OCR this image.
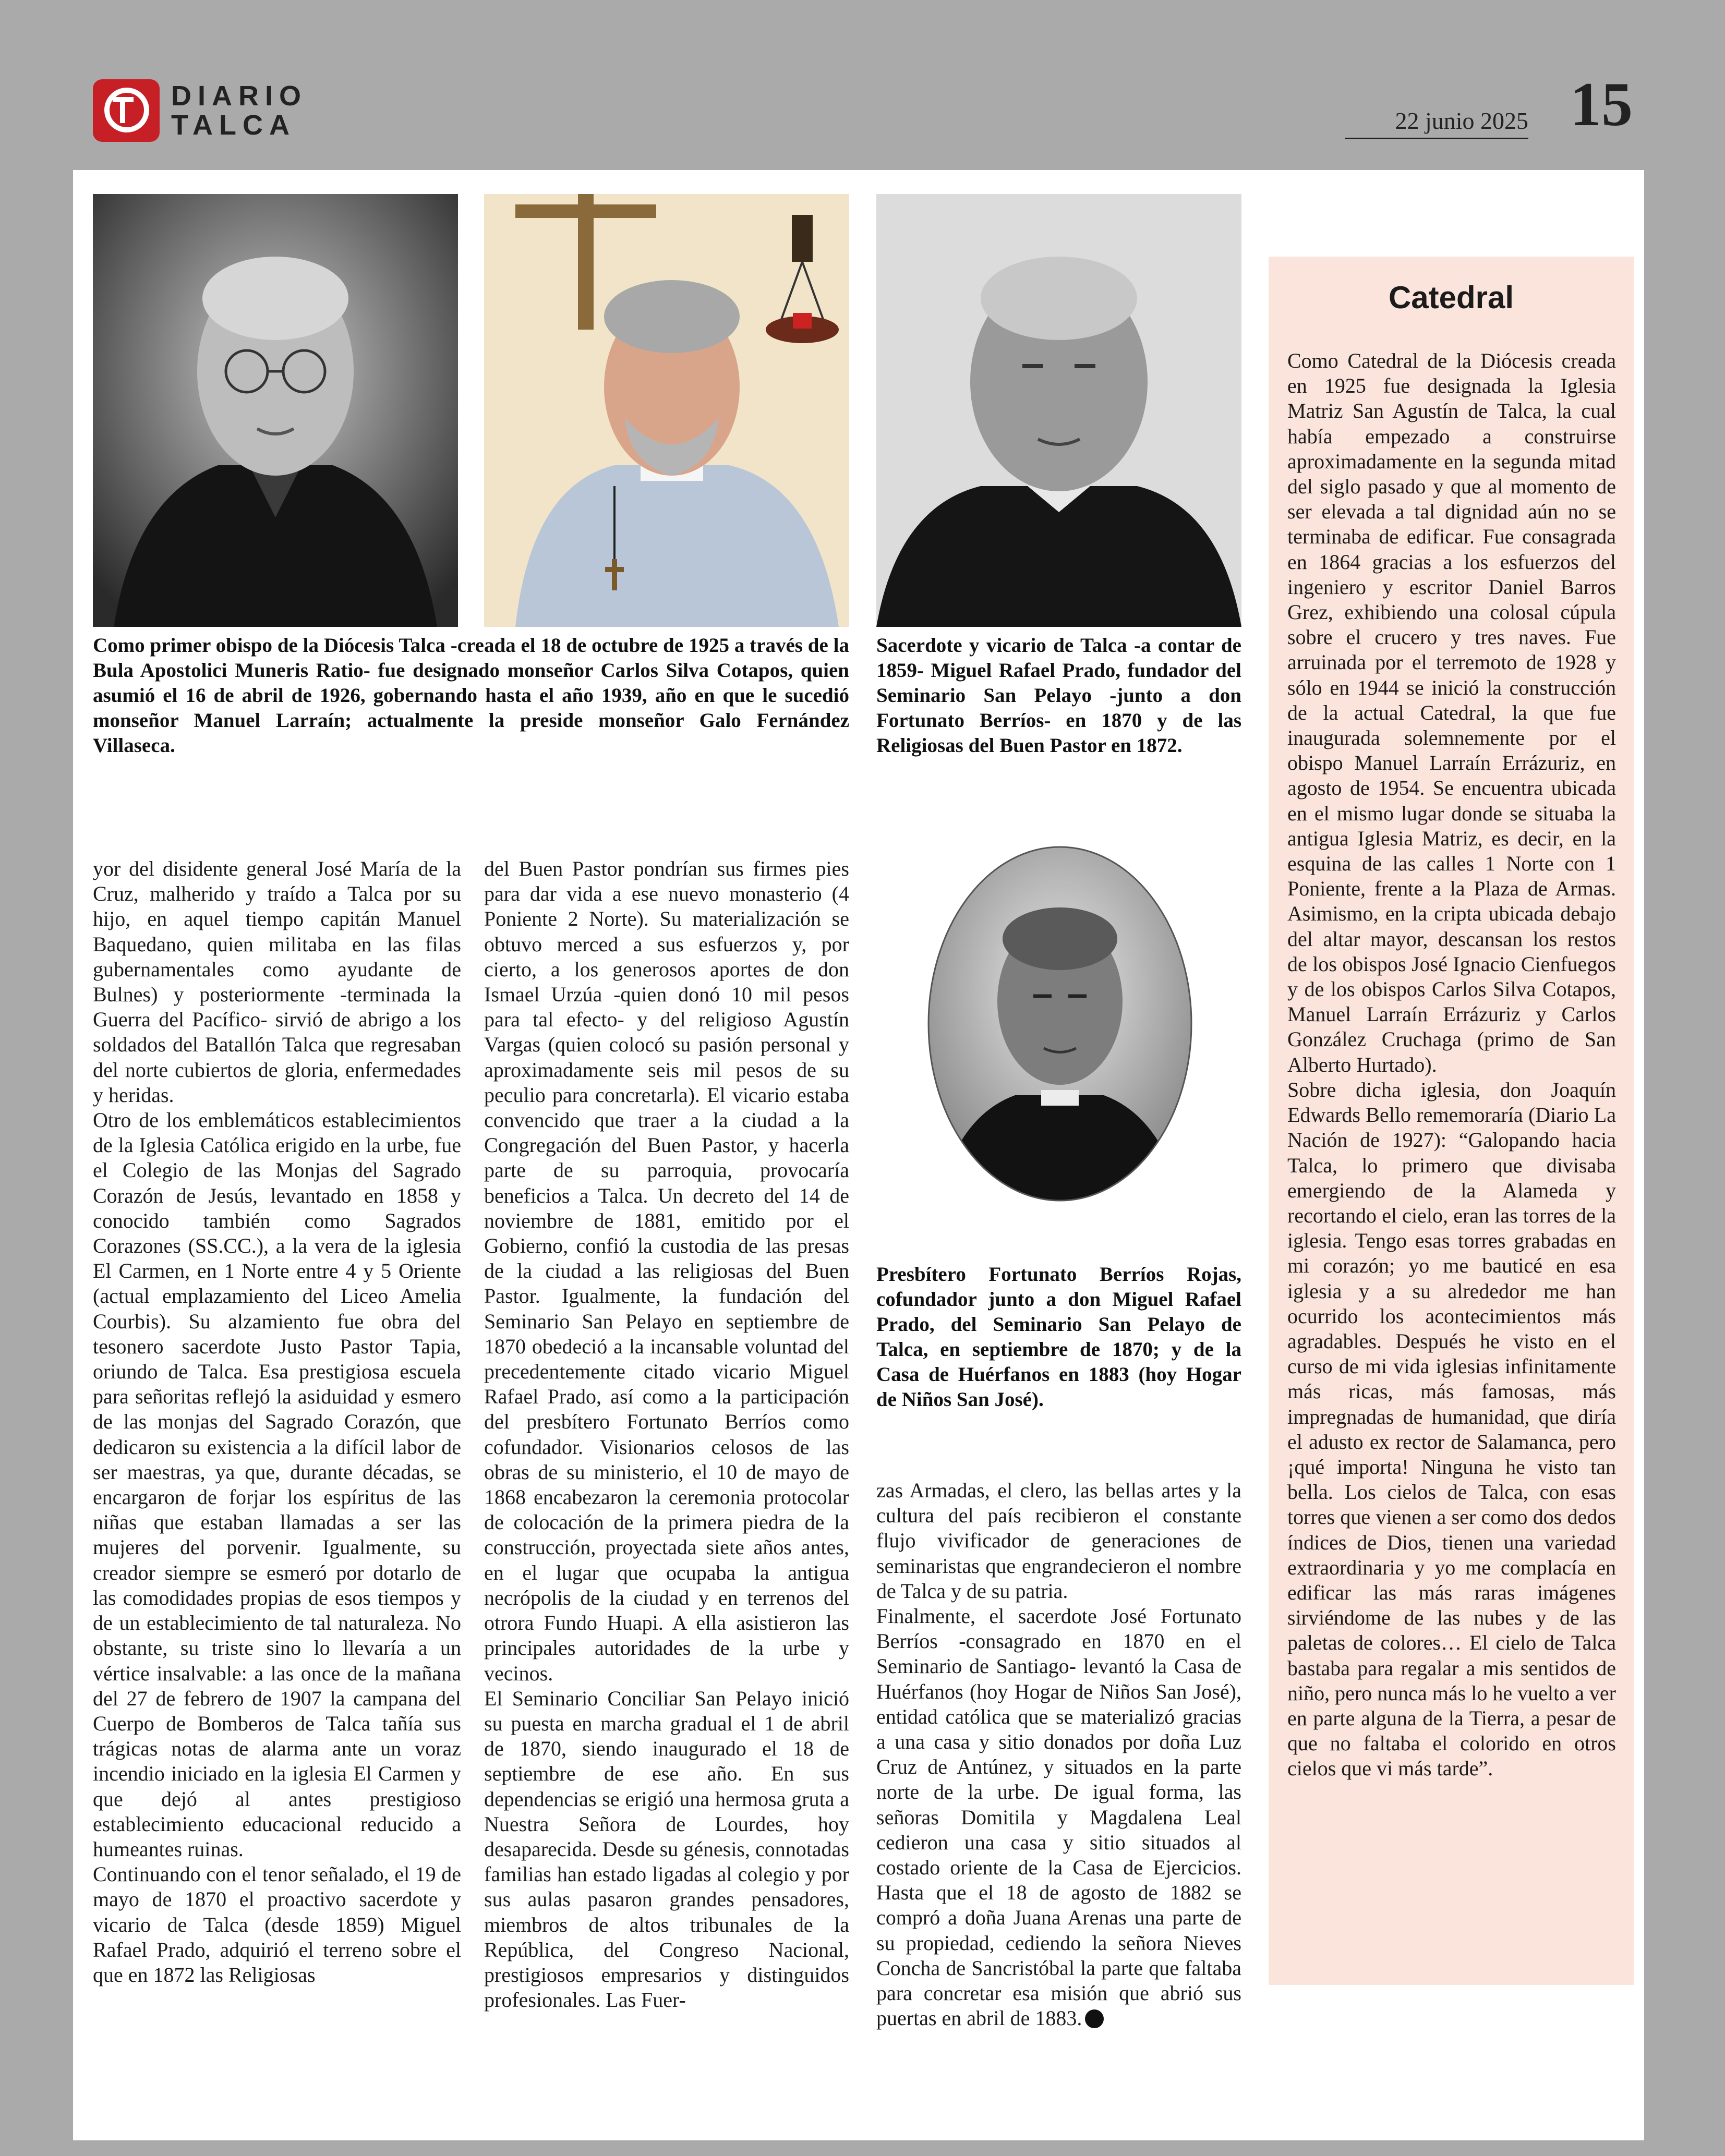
DIARIO
TALCA	22 junio 2025 15
Como primer obispo de la Diócesis Talca -creada el 18 de octubre de 1925 a través de la Bula Apostolici Muneris Ratio- fue designado monseñor Carlos Silva Cotapos, quien asumió el 16 de abril de 1926, gobernando hasta el año 1939, año en que le sucedió monseñor Manuel Larraín; actualmente la preside monseñor Galo Fernández Villaseca.
Sacerdote y vicario de Talca -a contar de 1859- Miguel Rafael Prado, fundador del Seminario San Pelayo -junto a don Fortunato Berríos- en 1870 y de las Religiosas del Buen Pastor en 1872.
Presbítero Fortunato Berríos Rojas, cofundador junto a don Miguel Rafael Prado, del Seminario San Pelayo de Talca, en septiembre de 1870; y de la Casa de Huérfanos en 1883 (hoy Hogar de Niños San José).

yor del disidente general José María de la Cruz, malherido y traído a Talca por su hijo, en aquel tiempo capitán Manuel Baquedano, quien militaba en las filas gubernamentales como ayudante de Bulnes) y posteriormente -terminada la Guerra del Pacífico- sirvió de abrigo a los soldados del Batallón Talca que regresaban del norte cubiertos de gloria, enfermedades y heridas.

Otro de los emblemáticos establecimientos de la Iglesia Católica erigido en la urbe, fue el Colegio de las Monjas del Sagrado Corazón de Jesús, levantado en 1858 y conocido también como Sagrados Corazones (SS.CC.), a la vera de la iglesia El Carmen, en 1 Norte entre 4 y 5 Oriente (actual emplazamiento del Liceo Amelia Courbis). Su alzamiento fue obra del tesonero sacerdote Justo Pastor Tapia, oriundo de Talca. Esa prestigiosa escuela para señoritas reflejó la asiduidad y esmero de las monjas del Sagrado Corazón, que dedicaron su existencia a la difícil labor de ser maestras, ya que, durante décadas, se encargaron de forjar los espíritus de las niñas que estaban llamadas a ser las mujeres del porvenir. Igualmente, su creador siempre se esmeró por dotarlo de las comodidades propias de esos tiempos y de un establecimiento de tal naturaleza. No obstante, su triste sino lo llevaría a un vértice insalvable: a las once de la mañana del 27 de febrero de 1907 la campana del Cuerpo de Bomberos de Talca tañía sus trágicas notas de alarma ante un voraz incendio iniciado en la iglesia El Carmen y que dejó al antes prestigioso establecimiento educacional reducido a humeantes ruinas.

Continuando con el tenor señalado, el 19 de mayo de 1870 el proactivo sacerdote y vicario de Talca (desde 1859) Miguel Rafael Prado, adquirió el terreno sobre el que en 1872 las Religiosas

del Buen Pastor pondrían sus firmes pies para dar vida a ese nuevo monasterio (4 Poniente 2 Norte). Su materialización se obtuvo merced a sus esfuerzos y, por cierto, a los generosos aportes de don Ismael Urzúa -quien donó 10 mil pesos para tal efecto- y del religioso Agustín Vargas (quien colocó su pasión personal y aproximadamente seis mil pesos de su peculio para concretarla). El vicario estaba convencido que traer a la ciudad a la Congregación del Buen Pastor, y hacerla parte de su parroquia, provocaría beneficios a Talca. Un decreto del 14 de noviembre de 1881, emitido por el Gobierno, confió la custodia de las presas de la ciudad a las religiosas del Buen Pastor. Igualmente, la fundación del Seminario San Pelayo en septiembre de 1870 obedeció a la incansable voluntad del precedentemente citado vicario Miguel Rafael Prado, así como a la participación del presbítero Fortunato Berríos como cofundador. Visionarios celosos de las obras de su ministerio, el 10 de mayo de 1868 encabezaron la ceremonia protocolar de colocación de la primera piedra de la construcción, proyectada siete años antes, en el lugar que ocupaba la antigua necrópolis de la ciudad y en terrenos del otrora Fundo Huapi. A ella asistieron las principales autoridades de la urbe y vecinos.

El Seminario Conciliar San Pelayo inició su puesta en marcha gradual el 1 de abril de 1870, siendo inaugurado el 18 de septiembre de ese año. En sus dependencias se erigió una hermosa gruta a Nuestra Señora de Lourdes, hoy desaparecida. Desde su génesis, connotadas familias han estado ligadas al colegio y por sus aulas pasaron grandes pensadores, miembros de altos tribunales de la República, del Congreso Nacional, prestigiosos empresarios y distinguidos profesionales. Las Fuer-

zas Armadas, el clero, las bellas artes y la cultura del país recibieron el constante flujo vivificador de generaciones de seminaristas que engrandecieron el nombre de Talca y de su patria.

Finalmente, el sacerdote José Fortunato Berríos -consagrado en 1870 en el Seminario de Santiago- levantó la Casa de Huérfanos (hoy Hogar de Niños San José), entidad católica que se materializó gracias a una casa y sitio donados por doña Luz Cruz de Antúnez, y situados en la parte norte de la urbe. De igual forma, las señoras Domitila y Magdalena Leal cedieron una casa y sitio situados al costado oriente de la Casa de Ejercicios. Hasta que el 18 de agosto de 1882 se compró a doña Juana Arenas una parte de su propiedad, cediendo la señora Nieves Concha de Sancristóbal la parte que faltaba para concretar esa misión que abrió sus puertas en abril de 1883.

Catedral

Como Catedral de la Diócesis creada en 1925 fue designada la Iglesia Matriz San Agustín de Talca, la cual había empezado a construirse aproximadamente en la segunda mitad del siglo pasado y que al momento de ser elevada a tal dignidad aún no se terminaba de edificar. Fue consagrada en 1864 gracias a los esfuerzos del ingeniero y escritor Daniel Barros Grez, exhibiendo una colosal cúpula sobre el crucero y tres naves. Fue arruinada por el terremoto de 1928 y sólo en 1944 se inició la construcción de la actual Catedral, la que fue inaugurada solemnemente por el obispo Manuel Larraín Errázuriz, en agosto de 1954. Se encuentra ubicada en el mismo lugar donde se situaba la antigua Iglesia Matriz, es decir, en la esquina de las calles 1 Norte con 1 Poniente, frente a la Plaza de Armas. Asimismo, en la cripta ubicada debajo del altar mayor, descansan los restos de los obispos José Ignacio Cienfuegos y de los obispos Carlos Silva Cotapos, Manuel Larraín Errázuriz y Carlos González Cruchaga (primo de San Alberto Hurtado).

Sobre dicha iglesia, don Joaquín Edwards Bello rememoraría (Diario La Nación de 1927): “Galopando hacia Talca, lo primero que divisaba emergiendo de la Alameda y recortando el cielo, eran las torres de la iglesia. Tengo esas torres grabadas en mi corazón; yo me bauticé en esa iglesia y a su alrededor me han ocurrido los acontecimientos más agradables. Después he visto en el curso de mi vida iglesias infinitamente más ricas, más famosas, más impregnadas de humanidad, que diría el adusto ex rector de Salamanca, pero ¡qué importa! Ninguna he visto tan bella. Los cielos de Talca, con esas torres que vienen a ser como dos dedos índices de Dios, tienen una variedad extraordinaria y yo me complacía en edificar las más raras imágenes sirviéndome de las nubes y de las paletas de colores… El cielo de Talca bastaba para regalar a mis sentidos de niño, pero nunca más lo he vuelto a ver en parte alguna de la Tierra, a pesar de que no faltaba el colorido en otros cielos que vi más tarde”.
